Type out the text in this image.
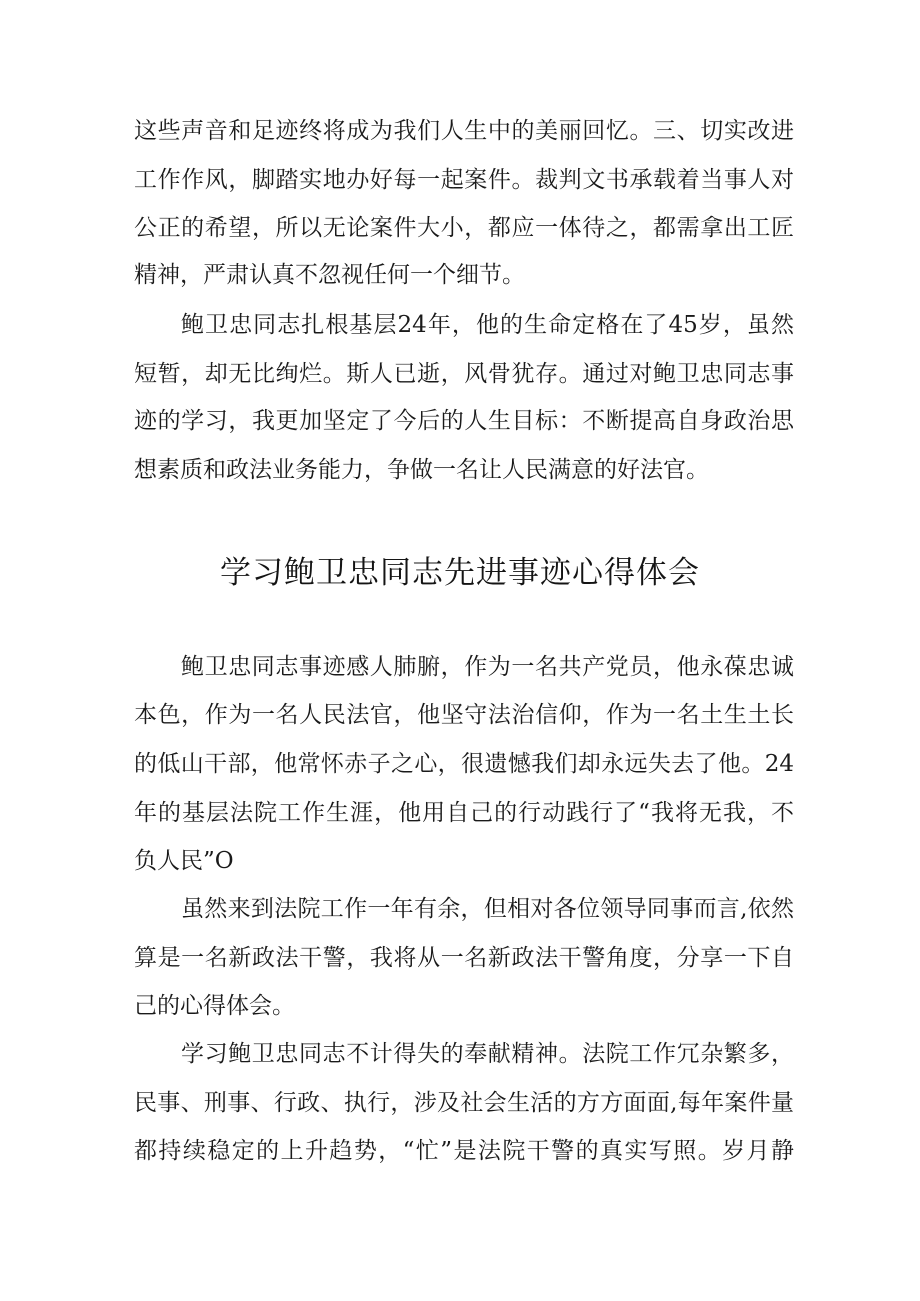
这些声音和足迹终将成为我们人生中的美丽回忆。三、切实改进
工作作风，脚踏实地办好每一起案件。裁判文书承载着当事人对
公正的希望，所以无论案件大小，都应一体待之，都需拿出工匠
精神，严肃认真不忽视任何一个细节。
鲍卫忠同志扎根基层24年，他的生命定格在了45岁，虽然
短暂，却无比绚烂。斯人已逝，风骨犹存。通过对鲍卫忠同志事
迹的学习，我更加坚定了今后的人生目标：不断提高自身政治思
想素质和政法业务能力，争做一名让人民满意的好法官。
学习鲍卫忠同志先进事迹心得体会
鲍卫忠同志事迹感人肺腑，作为一名共产党员，他永葆忠诚
本色，作为一名人民法官，他坚守法治信仰，作为一名土生土长
的低山干部，他常怀赤子之心，很遗憾我们却永远失去了他。24
年的基层法院工作生涯，他用自己的行动践行了“我将无我，不
负人民”O
虽然来到法院工作一年有余，但相对各位领导同事而言,依然
算是一名新政法干警，我将从一名新政法干警角度，分享一下自
己的心得体会。
学习鲍卫忠同志不计得失的奉献精神。法院工作冗杂繁多，
民事、刑事、行政、执行，涉及社会生活的方方面面,每年案件量
都持续稳定的上升趋势，“忙”是法院干警的真实写照。岁月静
